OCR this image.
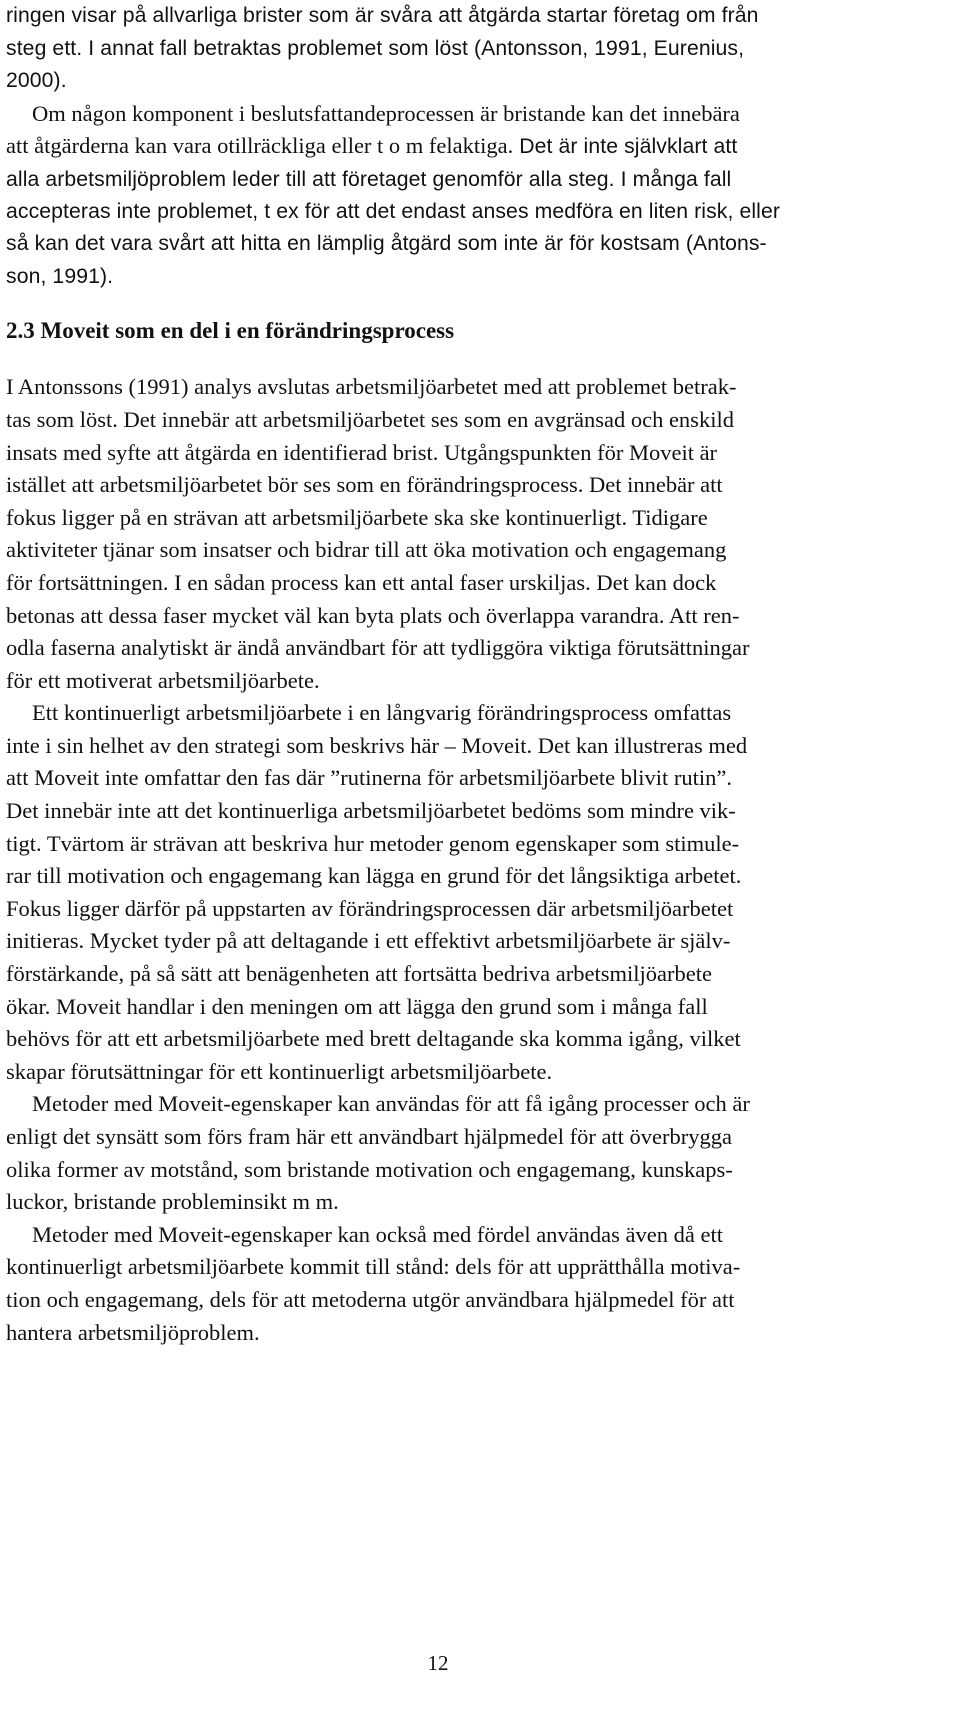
ringen visar på allvarliga brister som är svåra att åtgärda startar företag om från
steg ett. I annat fall betraktas problemet som löst (Antonsson, 1991, Eurenius,
2000).
Om någon komponent i beslutsfattandeprocessen är bristande kan det innebära
att åtgärderna kan vara otillräckliga eller t o m felaktiga. Det är inte självklart att
alla arbetsmiljöproblem leder till att företaget genomför alla steg. I många fall
accepteras inte problemet, t ex för att det endast anses medföra en liten risk, eller
så kan det vara svårt att hitta en lämplig åtgärd som inte är för kostsam (Antons-
son, 1991).
2.3 Moveit som en del i en förändringsprocess
I Antonssons (1991) analys avslutas arbetsmiljöarbetet med att problemet betrak-
tas som löst. Det innebär att arbetsmiljöarbetet ses som en avgränsad och enskild
insats med syfte att åtgärda en identifierad brist. Utgångspunkten för Moveit är
istället att arbetsmiljöarbetet bör ses som en förändringsprocess. Det innebär att
fokus ligger på en strävan att arbetsmiljöarbete ska ske kontinuerligt. Tidigare
aktiviteter tjänar som insatser och bidrar till att öka motivation och engagemang
för fortsättningen. I en sådan process kan ett antal faser urskiljas. Det kan dock
betonas att dessa faser mycket väl kan byta plats och överlappa varandra. Att ren-
odla faserna analytiskt är ändå användbart för att tydliggöra viktiga förutsättningar
för ett motiverat arbetsmiljöarbete.
Ett kontinuerligt arbetsmiljöarbete i en långvarig förändringsprocess omfattas
inte i sin helhet av den strategi som beskrivs här – Moveit. Det kan illustreras med
att Moveit inte omfattar den fas där ”rutinerna för arbetsmiljöarbete blivit rutin”.
Det innebär inte att det kontinuerliga arbetsmiljöarbetet bedöms som mindre vik-
tigt. Tvärtom är strävan att beskriva hur metoder genom egenskaper som stimule-
rar till motivation och engagemang kan lägga en grund för det långsiktiga arbetet.
Fokus ligger därför på uppstarten av förändringsprocessen där arbetsmiljöarbetet
initieras. Mycket tyder på att deltagande i ett effektivt arbetsmiljöarbete är själv-
förstärkande, på så sätt att benägenheten att fortsätta bedriva arbetsmiljöarbete
ökar. Moveit handlar i den meningen om att lägga den grund som i många fall
behövs för att ett arbetsmiljöarbete med brett deltagande ska komma igång, vilket
skapar förutsättningar för ett kontinuerligt arbetsmiljöarbete.
Metoder med Moveit-egenskaper kan användas för att få igång processer och är
enligt det synsätt som förs fram här ett användbart hjälpmedel för att överbrygga
olika former av motstånd, som bristande motivation och engagemang, kunskaps-
luckor, bristande probleminsikt m m.
Metoder med Moveit-egenskaper kan också med fördel användas även då ett
kontinuerligt arbetsmiljöarbete kommit till stånd: dels för att upprätthålla motiva-
tion och engagemang, dels för att metoderna utgör användbara hjälpmedel för att
hantera arbetsmiljöproblem.
12
